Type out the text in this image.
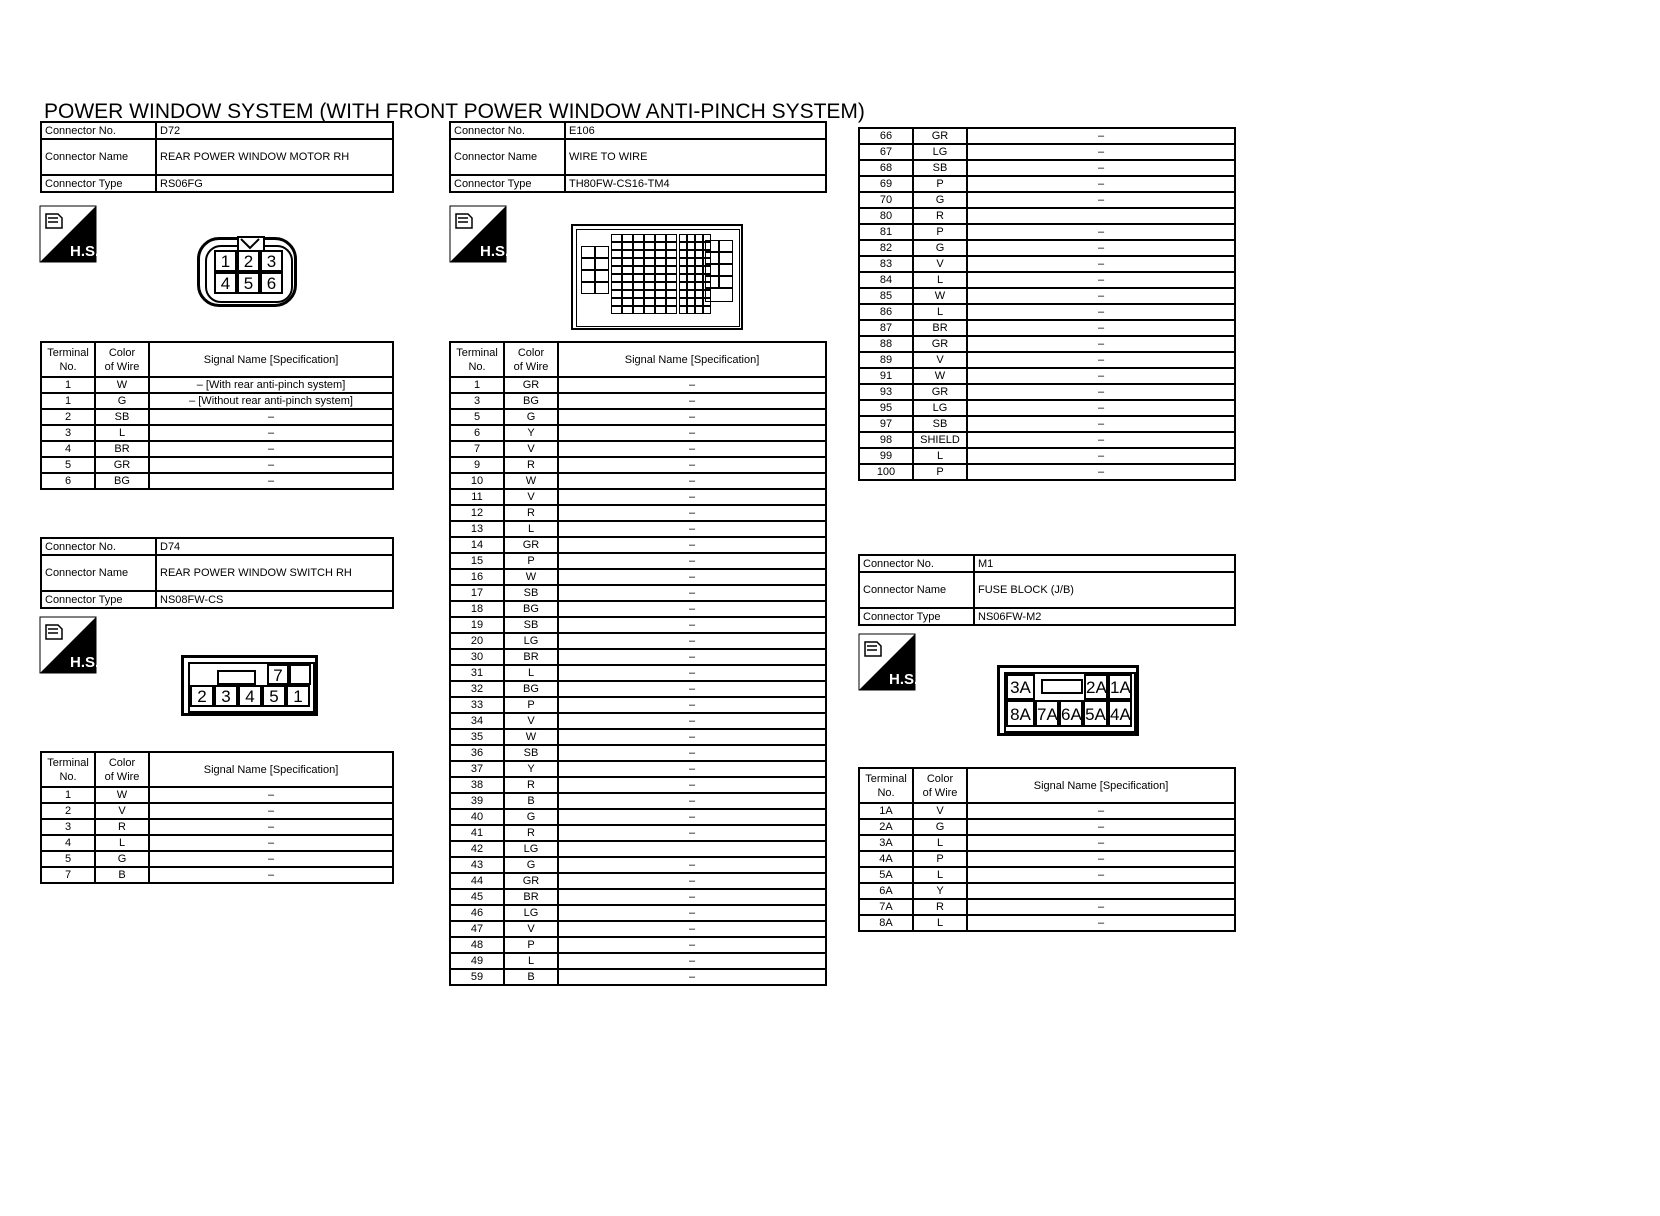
POWER WINDOW SYSTEM (WITH FRONT POWER WINDOW ANTI-PINCH SYSTEM)
Connector No.	D72
Connector Name	REAR POWER WINDOW MOTOR RH
Connector Type	RS06FG
H.S.
1 2 3
4 5 6
Terminal
No.	Color
of Wire	Signal Name [Specification]
1	W	– [With rear anti-pinch system]
1	G	– [Without rear anti-pinch system]
2	SB	–
3	L	–
4	BR	–
5	GR	–
6	BG	–
Connector No.	D74
Connector Name	REAR POWER WINDOW SWITCH RH
Connector Type	NS08FW-CS
H.S.
7
2 3 4 5 1
Terminal
No.	Color
of Wire	Signal Name [Specification]
1	W	–
2	V	–
3	R	–
4	L	–
5	G	–
7	B	–
Connector No.	E106
Connector Name	WIRE TO WIRE
Connector Type	TH80FW-CS16-TM4
H.S.
Terminal
No.	Color
of Wire	Signal Name [Specification]
1	GR	–
3	BG	–
5	G	–
6	Y	–
7	V	–
9	R	–
10	W	–
11	V	–
12	R	–
13	L	–
14	GR	–
15	P	–
16	W	–
17	SB	–
18	BG	–
19	SB	–
20	LG	–
30	BR	–
31	L	–
32	BG	–
33	P	–
34	V	–
35	W	–
36	SB	–
37	Y	–
38	R	–
39	B	–
40	G	–
41	R	–
42	LG	
43	G	–
44	GR	–
45	BR	–
46	LG	–
47	V	–
48	P	–
49	L	–
59	B	–
66	GR	–
67	LG	–
68	SB	–
69	P	–
70	G	–
80	R	
81	P	–
82	G	–
83	V	–
84	L	–
85	W	–
86	L	–
87	BR	–
88	GR	–
89	V	–
91	W	–
93	GR	–
95	LG	–
97	SB	–
98	SHIELD	–
99	L	–
100	P	–
Connector No.	M1
Connector Name	FUSE BLOCK (J/B)
Connector Type	NS06FW-M2
H.S.	3A	2A 1A
8A 7A 6A 5A 4A
Terminal
No.	Color
of Wire	Signal Name [Specification]
1A	V	–
2A	G	–
3A	L	–
4A	P	–
5A	L	–
6A	Y	
7A	R	–
8A	L	–
